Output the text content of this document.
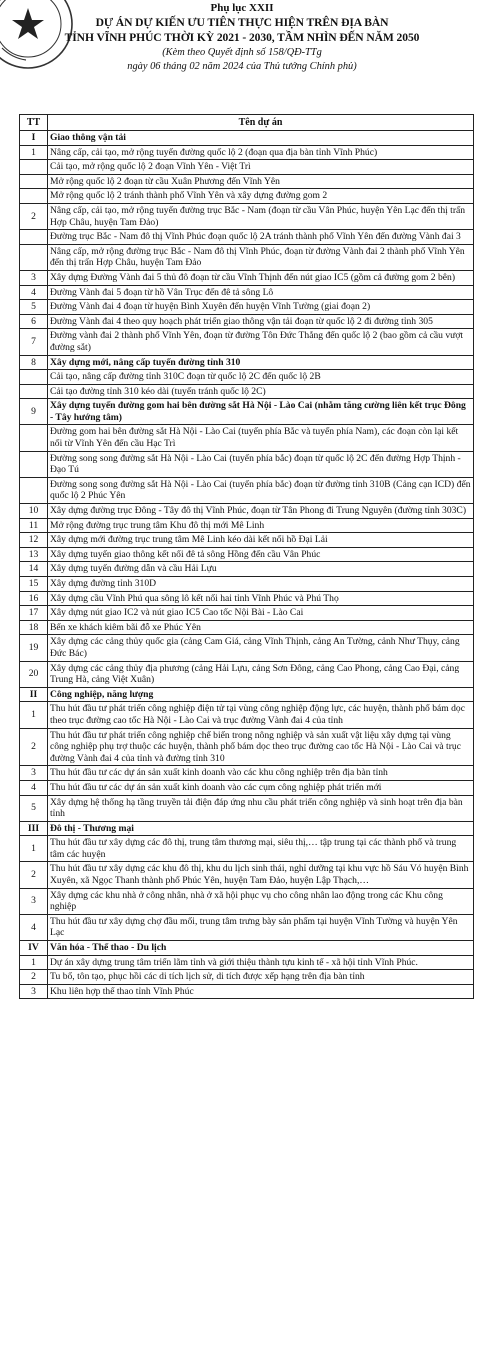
Phụ lục XXII
DỰ ÁN DỰ KIẾN ƯU TIÊN THỰC HIỆN TRÊN ĐỊA BÀN
TỈNH VĨNH PHÚC THỜI KỲ 2021 - 2030, TẦM NHÌN ĐẾN NĂM 2050
(Kèm theo Quyết định số 158/QĐ-TTg
ngày 06 tháng 02 năm 2024 của Thủ tướng Chính phủ)
TT	Tên dự án
I	Giao thông vận tải
1	Nâng cấp, cải tạo, mở rộng tuyến đường quốc lộ 2 (đoạn qua địa bàn tỉnh Vĩnh Phúc)
	Cải tạo, mở rộng quốc lộ 2 đoạn Vĩnh Yên - Việt Trì
	Mở rộng quốc lộ 2 đoạn từ cầu Xuân Phương đến Vĩnh Yên
	Mở rộng quốc lộ 2 tránh thành phố Vĩnh Yên và xây dựng đường gom 2
2	Nâng cấp, cải tạo, mở rộng tuyến đường trục Bắc - Nam (đoạn từ cầu Vân Phúc, huyện Yên Lạc đến thị trấn Hợp Châu, huyện Tam Đảo)
	Đường trục Bắc - Nam đô thị Vĩnh Phúc đoạn quốc lộ 2A tránh thành phố Vĩnh Yên đến đường Vành đai 3
	Nâng cấp, mở rộng đường trục Bắc - Nam đô thị Vĩnh Phúc, đoạn từ đường Vành đai 2 thành phố Vĩnh Yên đến thị trấn Hợp Châu, huyện Tam Đảo
3	Xây dựng Đường Vành đai 5 thủ đô đoạn từ cầu Vĩnh Thịnh đến nút giao IC5 (gồm cả đường gom 2 bên)
4	Đường Vành đai 5 đoạn từ hồ Vân Trục đến đê tả sông Lô
5	Đường Vành đai 4 đoạn từ huyện Bình Xuyên đến huyện Vĩnh Tường (giai đoạn 2)
6	Đường Vành đai 4 theo quy hoạch phát triển giao thông vận tải đoạn từ quốc lộ 2 đi đường tỉnh 305
7	Đường vành đai 2 thành phố Vĩnh Yên, đoạn từ đường Tôn Đức Thắng đến quốc lộ 2 (bao gồm cả cầu vượt đường sắt)
8	Xây dựng mới, nâng cấp tuyến đường tỉnh 310
	Cải tạo, nâng cấp đường tỉnh 310C đoạn từ quốc lộ 2C đến quốc lộ 2B
	Cải tạo đường tỉnh 310 kéo dài (tuyến tránh quốc lộ 2C)
9	Xây dựng tuyến đường gom hai bên đường sắt Hà Nội - Lào Cai (nhằm tăng cường liên kết trục Đông - Tây hướng tâm)
	Đường gom hai bên đường sắt Hà Nội - Lào Cai (tuyến phía Bắc và tuyến phía Nam), các đoạn còn lại kết nối từ Vĩnh Yên đến cầu Hạc Trì
	Đường song song đường sắt Hà Nội - Lào Cai (tuyến phía bắc) đoạn từ quốc lộ 2C đến đường Hợp Thịnh - Đạo Tú
	Đường song song đường sắt Hà Nội - Lào Cai (tuyến phía bắc) đoạn từ đường tỉnh 310B (Cảng cạn ICD) đến quốc lộ 2 Phúc Yên
10	Xây dựng đường trục Đông - Tây đô thị Vĩnh Phúc, đoạn từ Tân Phong đi Trung Nguyên (đường tỉnh 303C)
11	Mở rộng đường trục trung tâm Khu đô thị mới Mê Linh
12	Xây dựng mới đường trục trung tâm Mê Linh kéo dài kết nối hồ Đại Lải
13	Xây dựng tuyến giao thông kết nối đê tả sông Hồng đến cầu Vân Phúc
14	Xây dựng tuyến đường dẫn và cầu Hải Lựu
15	Xây dựng đường tỉnh 310D
16	Xây dựng cầu Vĩnh Phú qua sông lô kết nối hai tỉnh Vĩnh Phúc và Phú Thọ
17	Xây dựng nút giao IC2 và nút giao IC5 Cao tốc Nội Bài - Lào Cai
18	Bến xe khách kiêm bãi đỗ xe Phúc Yên
19	Xây dựng các cảng thủy quốc gia (cảng Cam Giá, cảng Vĩnh Thịnh, cảng An Tường, cảnh Như Thụy, cảng Đức Bác)
20	Xây dựng các cảng thủy địa phương (cảng Hải Lựu, cảng Sơn Đông, cảng Cao Phong, cảng Cao Đại, cảng Trung Hà, cảng Việt Xuân)
II	Công nghiệp, năng lượng
1	Thu hút đầu tư phát triển công nghiệp điện tử tại vùng công nghiệp động lực, các huyện, thành phố bám dọc theo trục đường cao tốc Hà Nội - Lào Cai và trục đường Vành đai 4 của tỉnh
2	Thu hút đầu tư phát triển công nghiệp chế biến trong nông nghiệp và sản xuất vật liệu xây dựng tại vùng công nghiệp phụ trợ thuộc các huyện, thành phố bám dọc theo trục đường cao tốc Hà Nội - Lào Cai và trục đường Vành đai 4 của tỉnh và đường tỉnh 310
3	Thu hút đầu tư các dự án sản xuất kinh doanh vào các khu công nghiệp trên địa bàn tỉnh
4	Thu hút đầu tư các dự án sản xuất kinh doanh vào các cụm công nghiệp phát triển mới
5	Xây dựng hệ thống hạ tầng truyền tải điện đáp ứng nhu cầu phát triển công nghiệp và sinh hoạt trên địa bàn tỉnh
III	Đô thị - Thương mại
1	Thu hút đầu tư xây dựng các đô thị, trung tâm thương mại, siêu thị,… tập trung tại các thành phố và trung tâm các huyện
2	Thu hút đầu tư xây dựng các khu đô thị, khu du lịch sinh thái, nghỉ dưỡng tại khu vực hồ Sáu Vó huyện Bình Xuyên, xã Ngọc Thanh thành phố Phúc Yên, huyện Tam Đảo, huyện Lập Thạch,…
3	Xây dựng các khu nhà ở công nhân, nhà ở xã hội phục vụ cho công nhân lao động trong các Khu công nghiệp
4	Thu hút đầu tư xây dựng chợ đầu mối, trung tâm trưng bày sản phẩm tại huyện Vĩnh Tường và huyện Yên Lạc
IV	Văn hóa - Thể thao - Du lịch
1	Dự án xây dựng trung tâm triển lãm tỉnh và giới thiệu thành tựu kinh tế - xã hội tỉnh Vĩnh Phúc.
2	Tu bổ, tôn tạo, phục hồi các di tích lịch sử, di tích được xếp hạng trên địa bàn tỉnh
3	Khu liên hợp thể thao tỉnh Vĩnh Phúc
